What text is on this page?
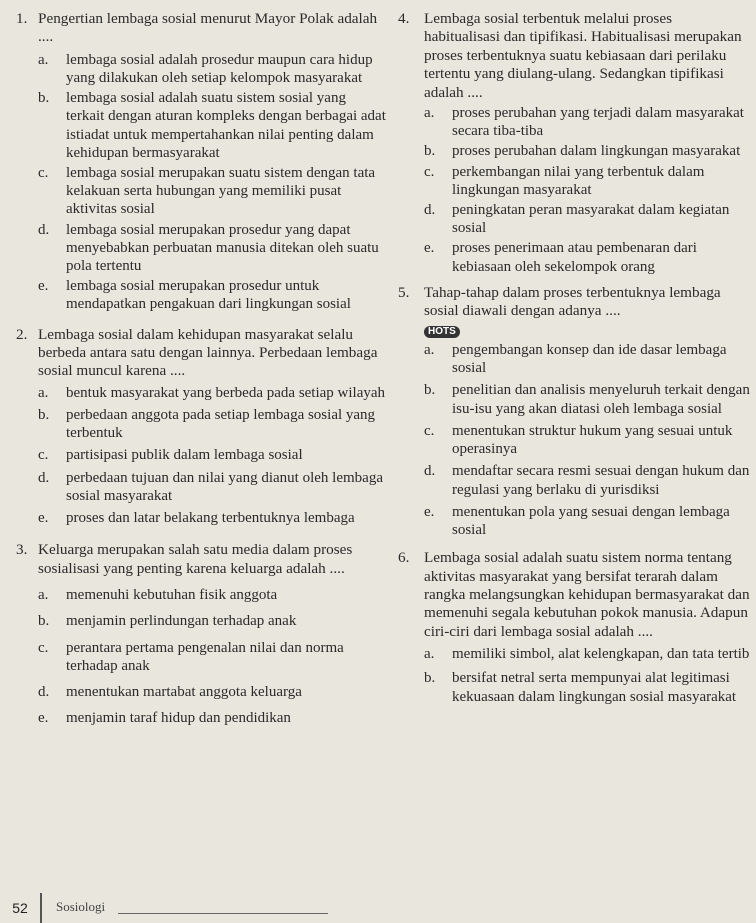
1. Pengertian lembaga sosial menurut Mayor Polak adalah ....
a. lembaga sosial adalah prosedur maupun cara hidup yang dilakukan oleh setiap kelompok masyarakat
b. lembaga sosial adalah suatu sistem sosial yang terkait dengan aturan kompleks dengan berbagai adat istiadat untuk mempertahankan nilai penting dalam kehidupan bermasyarakat
c. lembaga sosial merupakan suatu sistem dengan tata kelakuan serta hubungan yang memiliki pusat aktivitas sosial
d. lembaga sosial merupakan prosedur yang dapat menyebabkan perbuatan manusia ditekan oleh suatu pola tertentu
e. lembaga sosial merupakan prosedur untuk mendapatkan pengakuan dari lingkungan sosial
2. Lembaga sosial dalam kehidupan masyarakat selalu berbeda antara satu dengan lainnya. Perbedaan lembaga sosial muncul karena ....
a. bentuk masyarakat yang berbeda pada setiap wilayah
b. perbedaan anggota pada setiap lembaga sosial yang terbentuk
c. partisipasi publik dalam lembaga sosial
d. perbedaan tujuan dan nilai yang dianut oleh lembaga sosial masyarakat
e. proses dan latar belakang terbentuknya lembaga
3. Keluarga merupakan salah satu media dalam proses sosialisasi yang penting karena keluarga adalah ....
a. memenuhi kebutuhan fisik anggota
b. menjamin perlindungan terhadap anak
c. perantara pertama pengenalan nilai dan norma terhadap anak
d. menentukan martabat anggota keluarga
e. menjamin taraf hidup dan pendidikan
4. Lembaga sosial terbentuk melalui proses habitualisasi dan tipifikasi. Habitualisasi merupakan proses terbentuknya suatu kebiasaan dari perilaku tertentu yang diulang-ulang. Sedangkan tipifikasi adalah ....
a. proses perubahan yang terjadi dalam masyarakat secara tiba-tiba
b. proses perubahan dalam lingkungan masyarakat
c. perkembangan nilai yang terbentuk dalam lingkungan masyarakat
d. peningkatan peran masyarakat dalam kegiatan sosial
e. proses penerimaan atau pembenaran dari kebiasaan oleh sekelompok orang
5. Tahap-tahap dalam proses terbentuknya lembaga sosial diawali dengan adanya ....
HOTS
a. pengembangan konsep dan ide dasar lembaga sosial
b. penelitian dan analisis menyeluruh terkait dengan isu-isu yang akan diatasi oleh lembaga sosial
c. menentukan struktur hukum yang sesuai untuk operasinya
d. mendaftar secara resmi sesuai dengan hukum dan regulasi yang berlaku di yurisdiksi
e. menentukan pola yang sesuai dengan lembaga sosial
6. Lembaga sosial adalah suatu sistem norma tentang aktivitas masyarakat yang bersifat terarah dalam rangka melangsungkan kehidupan bermasyarakat dan memenuhi segala kebutuhan pokok manusia. Adapun ciri-ciri dari lembaga sosial adalah ....
a. memiliki simbol, alat kelengkapan, dan tata tertib
b. bersifat netral serta mempunyai alat legitimasi kekuasaan dalam lingkungan sosial masyarakat
52	Sosiologi
